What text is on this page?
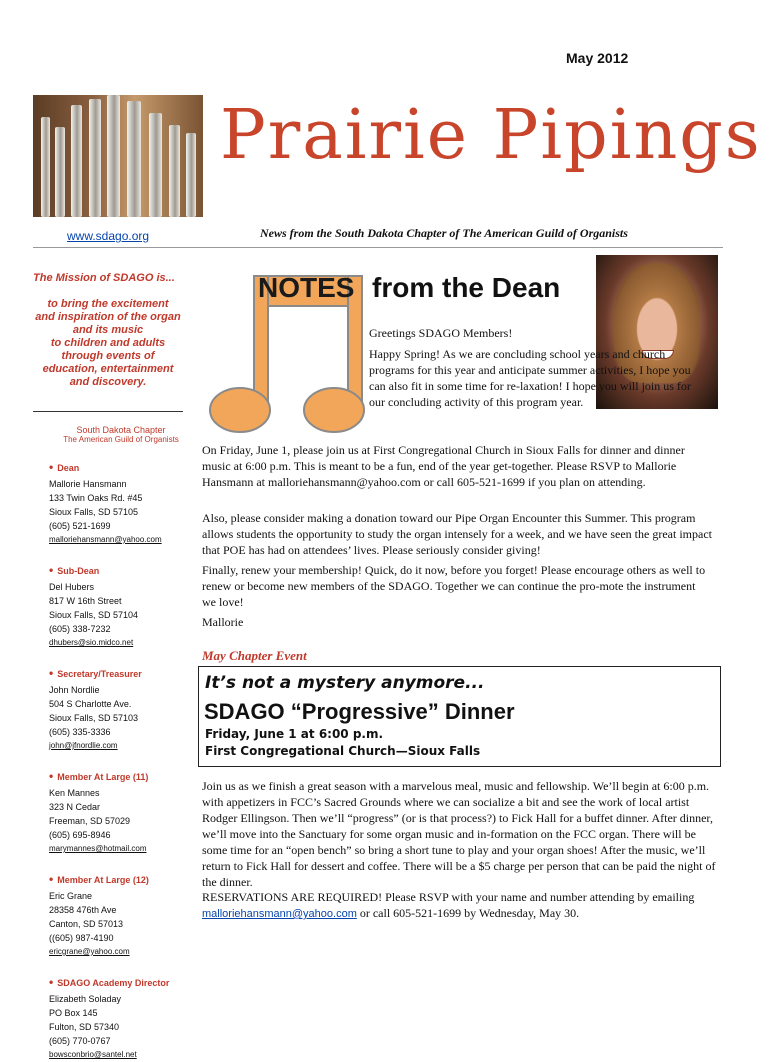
May 2012
Prairie Pipings
www.sdago.org	News from the South Dakota Chapter of The American Guild of Organists
The Mission of SDAGO is...

to bring the excitement

and inspiration of the organ

and its music

to children and adults

through events of

education, entertainment

and discovery.

South Dakota Chapter
The American Guild of Organists
• Dean
Mallorie Hansmann
133 Twin Oaks Rd. #45
Sioux Falls, SD 57105
(605) 521-1699
malloriehansmann@yahoo.com
• Sub-Dean
Del Hubers
817 W 16th Street
Sioux Falls, SD 57104
(605) 338-7232
dhubers@sio.midco.net
• Secretary/Treasurer
John Nordlie
504 S Charlotte Ave.
Sioux Falls, SD 57103
(605) 335-3336
john@jfnordlie.com
• Member At Large (11)
Ken Mannes
323 N Cedar
Freeman, SD 57029
(605) 695-8946
marymannes@hotmail.com
• Member At Large (12)
Eric Grane
28358 476th Ave
Canton, SD 57013
((605) 987-4190
ericgrane@yahoo.com
• SDAGO Academy Director
Elizabeth Soladay
PO Box 145
Fulton, SD 57340
(605) 770-0767
bowsconbrio@santel.net
NOTES from the Dean
Greetings SDAGO Members!
Happy Spring! As we are concluding school years and church programs for this year and anticipate summer activities, I hope you can also fit in some time for re-laxation! I hope you will join us for our concluding activity of this program year.
On Friday, June 1, please join us at First Congregational Church in Sioux Falls for dinner and dinner music at 6:00 p.m. This is meant to be a fun, end of the year get-together. Please RSVP to Mallorie Hansmann at malloriehansmann@yahoo.com or call 605-521-1699 if you plan on attending.
Also, please consider making a donation toward our Pipe Organ Encounter this Summer. This program allows students the opportunity to study the organ intensely for a week, and we have seen the great impact that POE has had on attendees’ lives. Please seriously consider giving!
Finally, renew your membership! Quick, do it now, before you forget! Please encourage others as well to renew or become new members of the SDAGO. Together we can continue the pro-mote the instrument we love!
Mallorie
May Chapter Event
It’s not a mystery anymore...
SDAGO “Progressive” Dinner
Friday, June 1 at 6:00 p.m.
First Congregational Church—Sioux Falls
Join us as we finish a great season with a marvelous meal, music and fellowship. We’ll begin at 6:00 p.m. with appetizers in FCC’s Sacred Grounds where we can socialize a bit and see the work of local artist Rodger Ellingson. Then we’ll “progress” (or is that process?) to Fick Hall for a buffet dinner. After dinner, we’ll move into the Sanctuary for some organ music and in-formation on the FCC organ. There will be some time for an “open bench” so bring a short tune to play and your organ shoes! After the music, we’ll return to Fick Hall for dessert and coffee. There will be a $5 charge per person that can be paid the night of the dinner.
RESERVATIONS ARE REQUIRED! Please RSVP with your name and number attending by emailing malloriehansmann@yahoo.com or call 605-521-1699 by Wednesday, May 30.
